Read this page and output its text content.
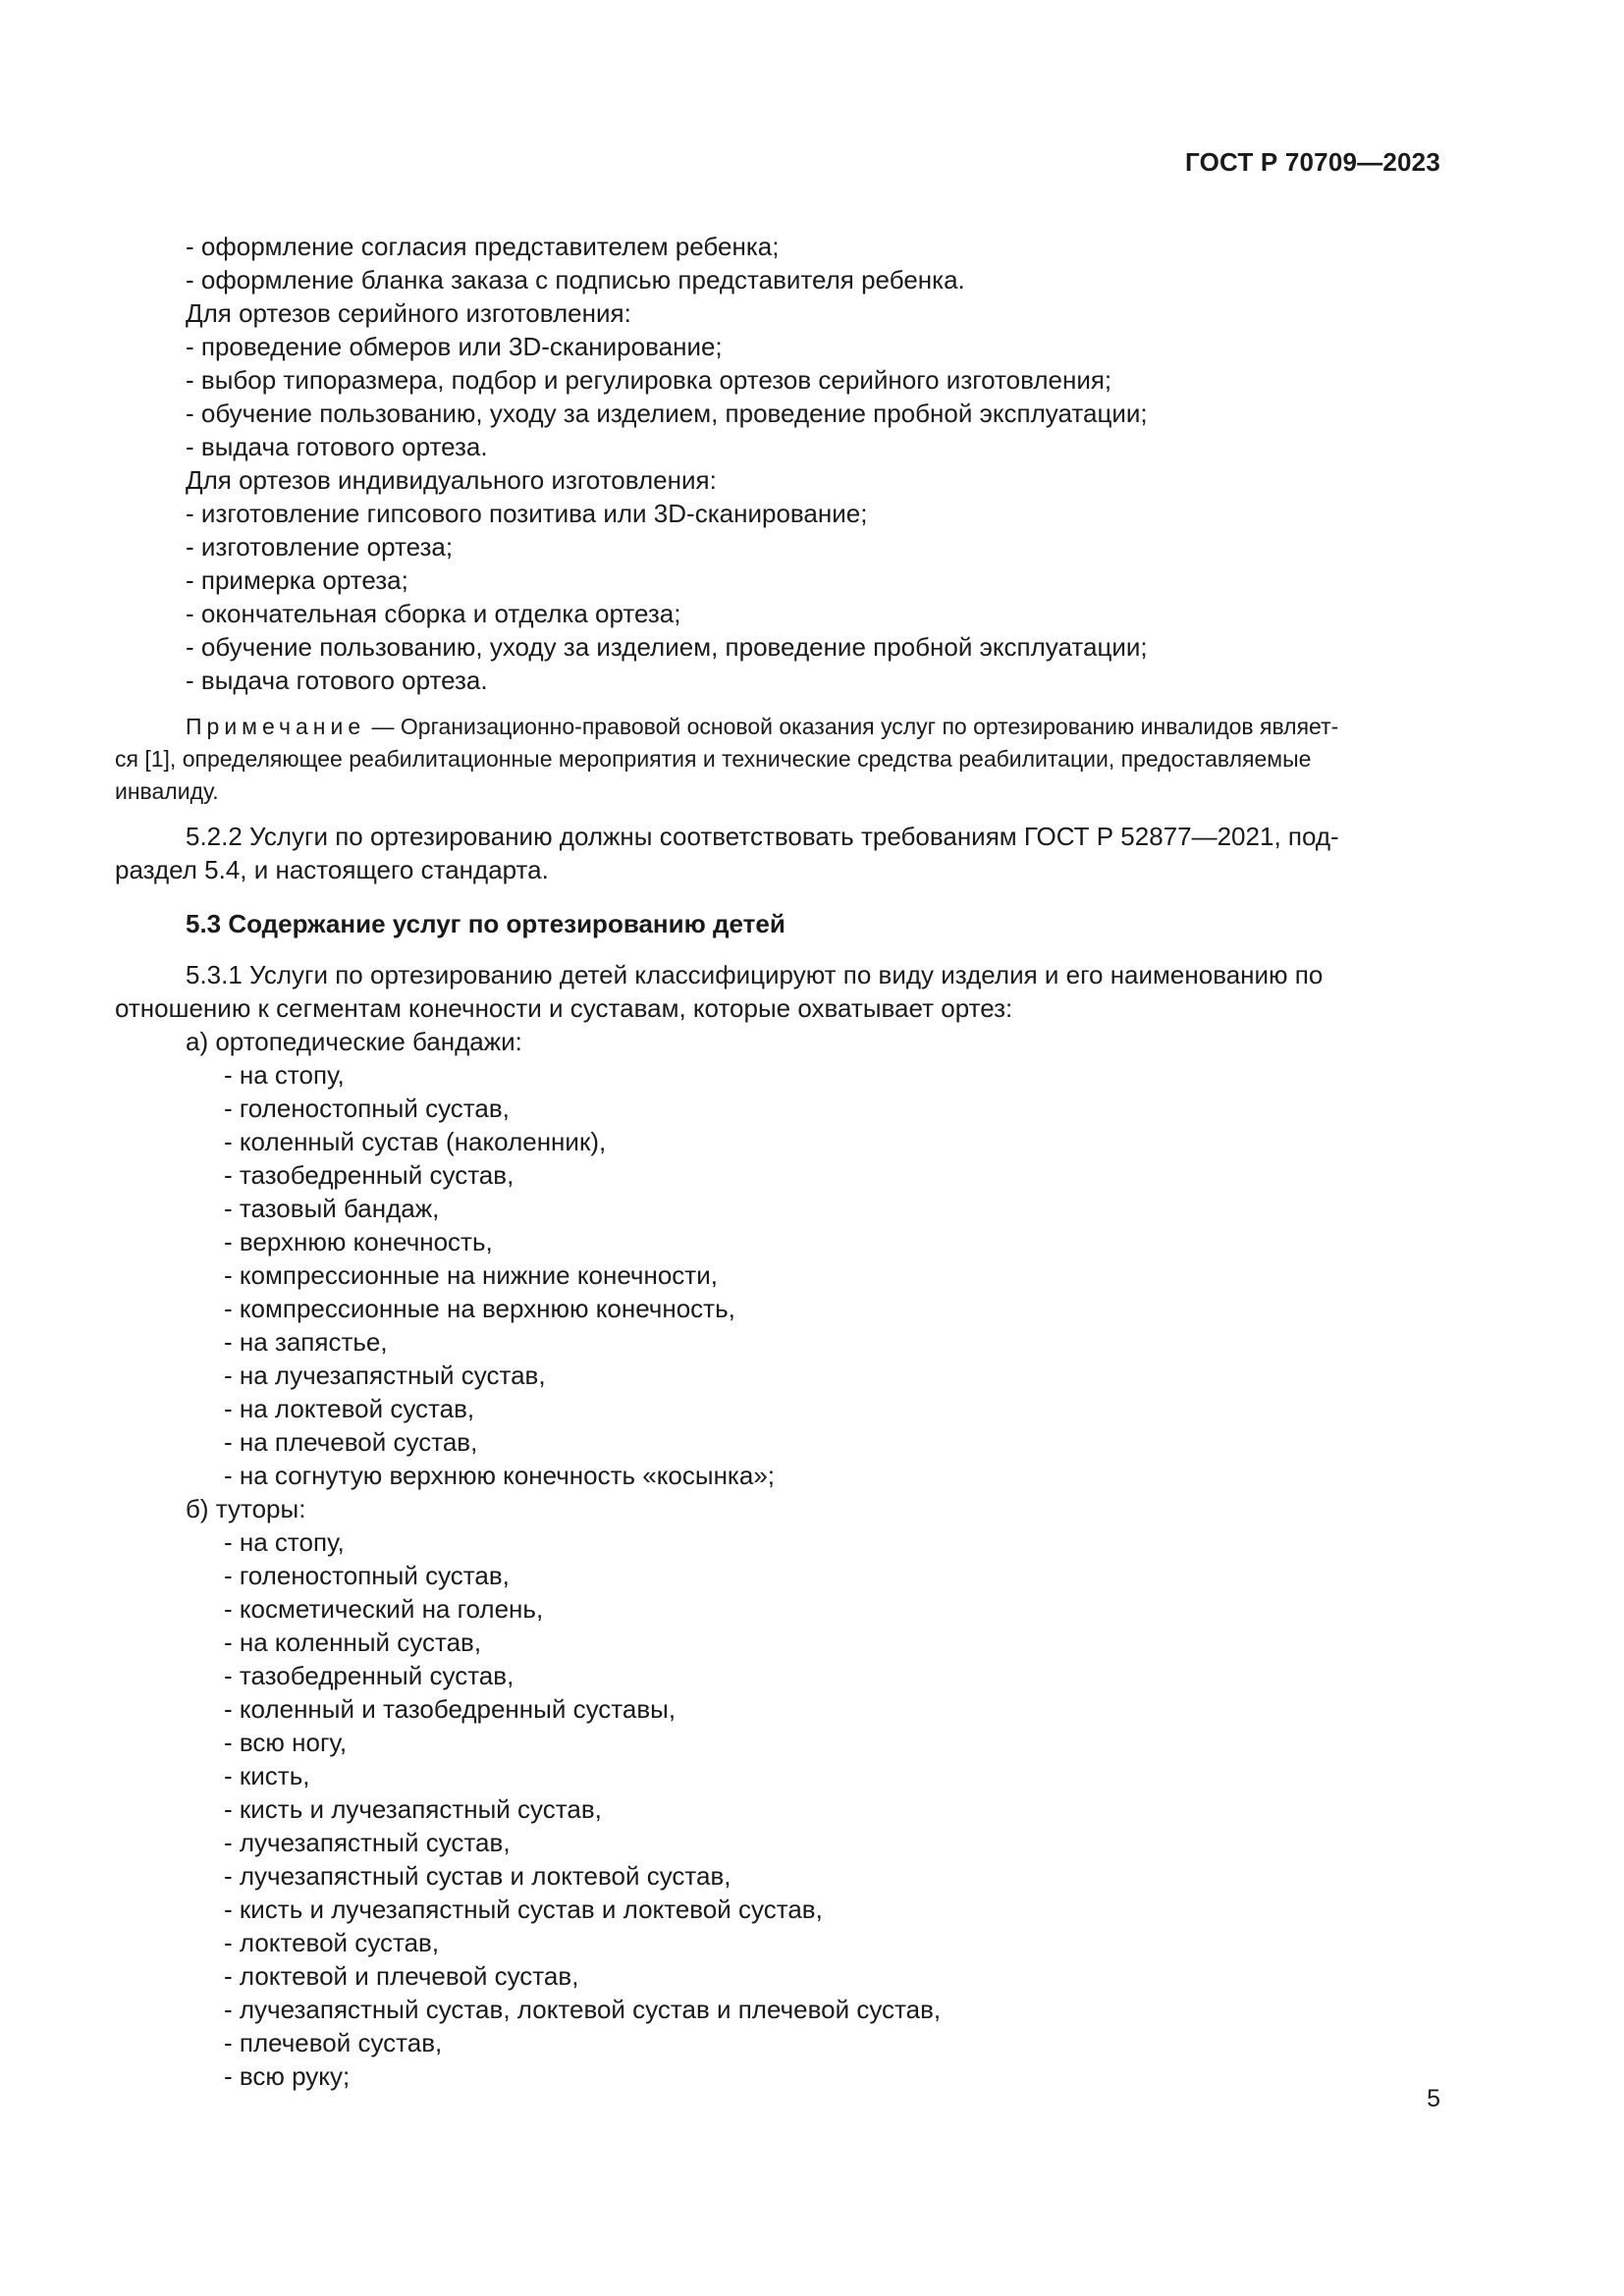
ГОСТ Р 70709—2023
- оформление согласия представителем ребенка;
- оформление бланка заказа с подписью представителя ребенка.
Для ортезов серийного изготовления:
- проведение обмеров или 3D-сканирование;
- выбор типоразмера, подбор и регулировка ортезов серийного изготовления;
- обучение пользованию, уходу за изделием, проведение пробной эксплуатации;
- выдача готового ортеза.
Для ортезов индивидуального изготовления:
- изготовление гипсового позитива или 3D-сканирование;
- изготовление ортеза;
- примерка ортеза;
- окончательная сборка и отделка ортеза;
- обучение пользованию, уходу за изделием, проведение пробной эксплуатации;
- выдача готового ортеза.
Примечание — Организационно-правовой основой оказания услуг по ортезированию инвалидов являет-
ся [1], определяющее реабилитационные мероприятия и технические средства реабилитации, предоставляемые
инвалиду.
5.2.2 Услуги по ортезированию должны соответствовать требованиям ГОСТ Р 52877—2021, под-
раздел 5.4, и настоящего стандарта.
5.3 Содержание услуг по ортезированию детей
5.3.1 Услуги по ортезированию детей классифицируют по виду изделия и его наименованию по
отношению к сегментам конечности и суставам, которые охватывает ортез:
а) ортопедические бандажи:
- на стопу,
- голеностопный сустав,
- коленный сустав (наколенник),
- тазобедренный сустав,
- тазовый бандаж,
- верхнюю конечность,
- компрессионные на нижние конечности,
- компрессионные на верхнюю конечность,
- на запястье,
- на лучезапястный сустав,
- на локтевой сустав,
- на плечевой сустав,
- на согнутую верхнюю конечность «косынка»;
б) туторы:
- на стопу,
- голеностопный сустав,
- косметический на голень,
- на коленный сустав,
- тазобедренный сустав,
- коленный и тазобедренный суставы,
- всю ногу,
- кисть,
- кисть и лучезапястный сустав,
- лучезапястный сустав,
- лучезапястный сустав и локтевой сустав,
- кисть и лучезапястный сустав и локтевой сустав,
- локтевой сустав,
- локтевой и плечевой сустав,
- лучезапястный сустав, локтевой сустав и плечевой сустав,
- плечевой сустав,
- всю руку;
5
